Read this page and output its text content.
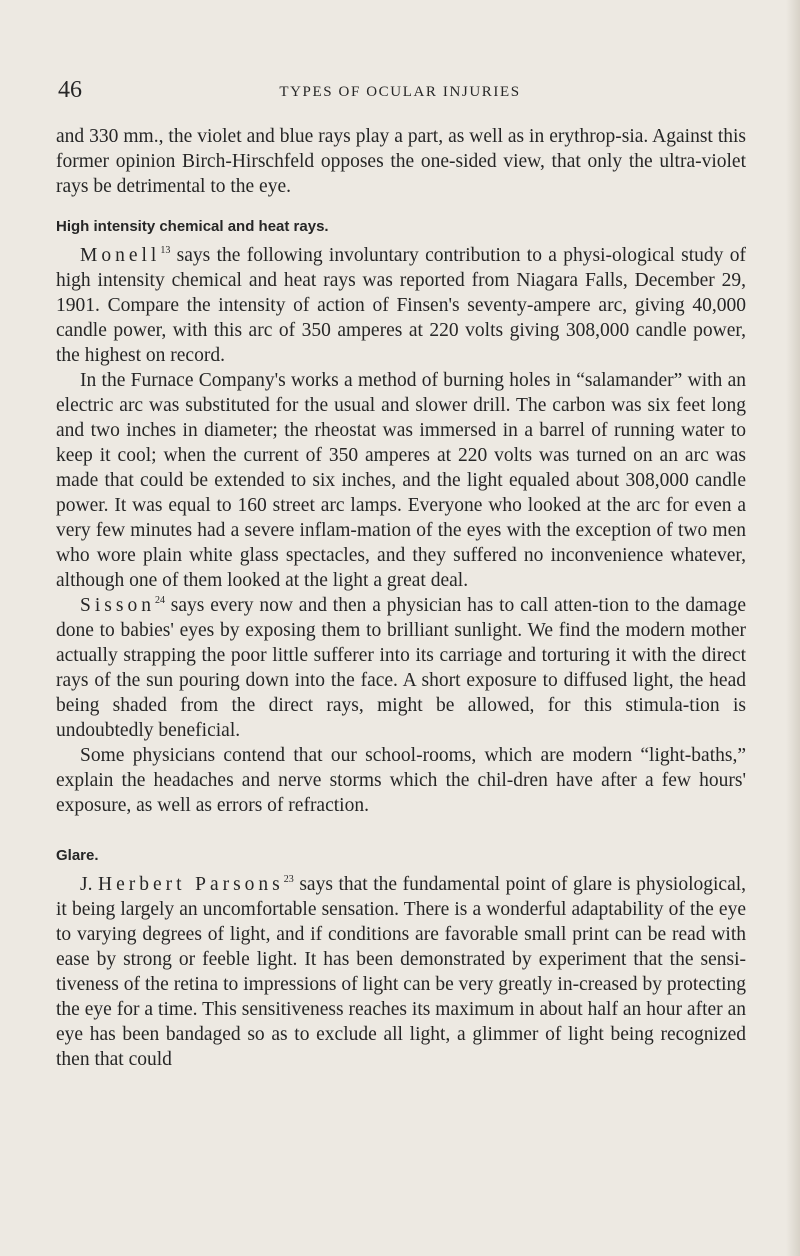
46	TYPES OF OCULAR INJURIES

and 330 mm., the violet and blue rays play a part, as well as in erythrop-sia. Against this former opinion Birch-Hirschfeld opposes the one-sided view, that only the ultra-violet rays be detrimental to the eye.

High intensity chemical and heat rays.

Monell$^{13}$ says the following involuntary contribution to a physi-ological study of high intensity chemical and heat rays was reported from Niagara Falls, December 29, 1901. Compare the intensity of action of Finsen's seventy-ampere arc, giving 40,000 candle power, with this arc of 350 amperes at 220 volts giving 308,000 candle power, the highest on record.

In the Furnace Company's works a method of burning holes in “salamander” with an electric arc was substituted for the usual and slower drill. The carbon was six feet long and two inches in diameter; the rheostat was immersed in a barrel of running water to keep it cool; when the current of 350 amperes at 220 volts was turned on an arc was made that could be extended to six inches, and the light equaled about 308,000 candle power. It was equal to 160 street arc lamps. Everyone who looked at the arc for even a very few minutes had a severe inflam-mation of the eyes with the exception of two men who wore plain white glass spectacles, and they suffered no inconvenience whatever, although one of them looked at the light a great deal.

Sisson$^{24}$ says every now and then a physician has to call atten-tion to the damage done to babies' eyes by exposing them to brilliant sunlight. We find the modern mother actually strapping the poor little sufferer into its carriage and torturing it with the direct rays of the sun pouring down into the face. A short exposure to diffused light, the head being shaded from the direct rays, might be allowed, for this stimula-tion is undoubtedly beneficial.

Some physicians contend that our school-rooms, which are modern “light-baths,” explain the headaches and nerve storms which the chil-dren have after a few hours' exposure, as well as errors of refraction.

Glare.

J. Herbert Parsons$^{23}$ says that the fundamental point of glare is physiological, it being largely an uncomfortable sensation. There is a wonderful adaptability of the eye to varying degrees of light, and if conditions are favorable small print can be read with ease by strong or feeble light. It has been demonstrated by experiment that the sensi-tiveness of the retina to impressions of light can be very greatly in-creased by protecting the eye for a time. This sensitiveness reaches its maximum in about half an hour after an eye has been bandaged so as to exclude all light, a glimmer of light being recognized then that could
